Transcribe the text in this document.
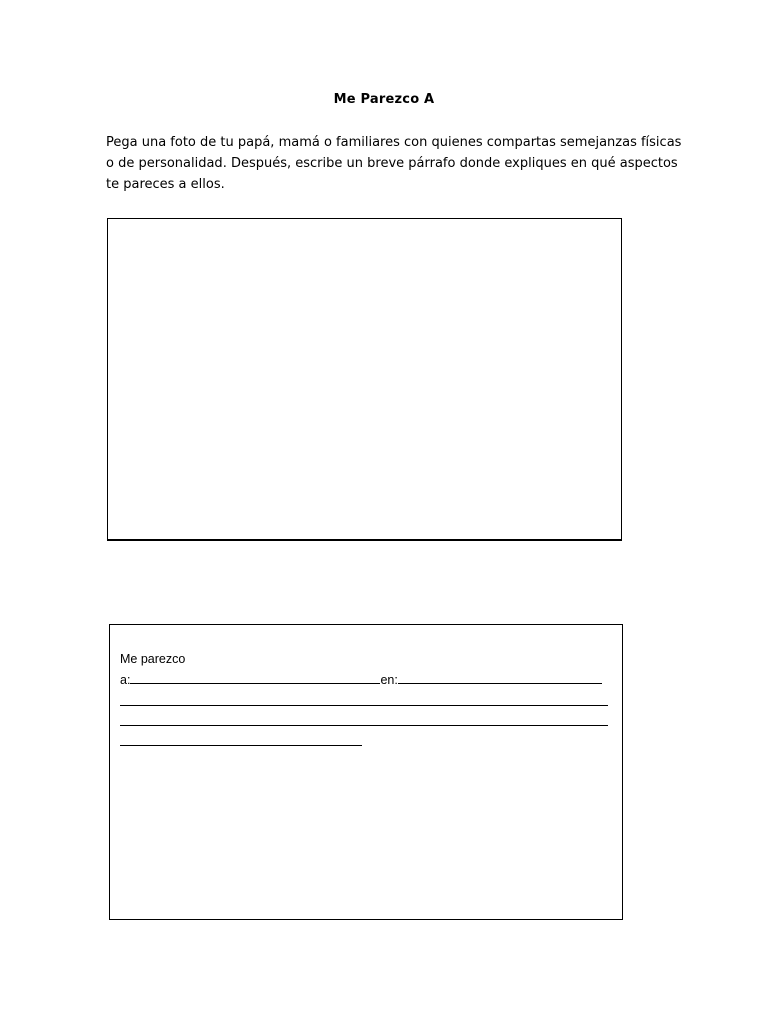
Me Parezco A
Pega una foto de tu papá, mamá o familiares con quienes compartas semejanzas físicas
o de personalidad. Después, escribe un breve párrafo donde expliques en qué aspectos
te pareces a ellos.
Me parezco
a:	en:
